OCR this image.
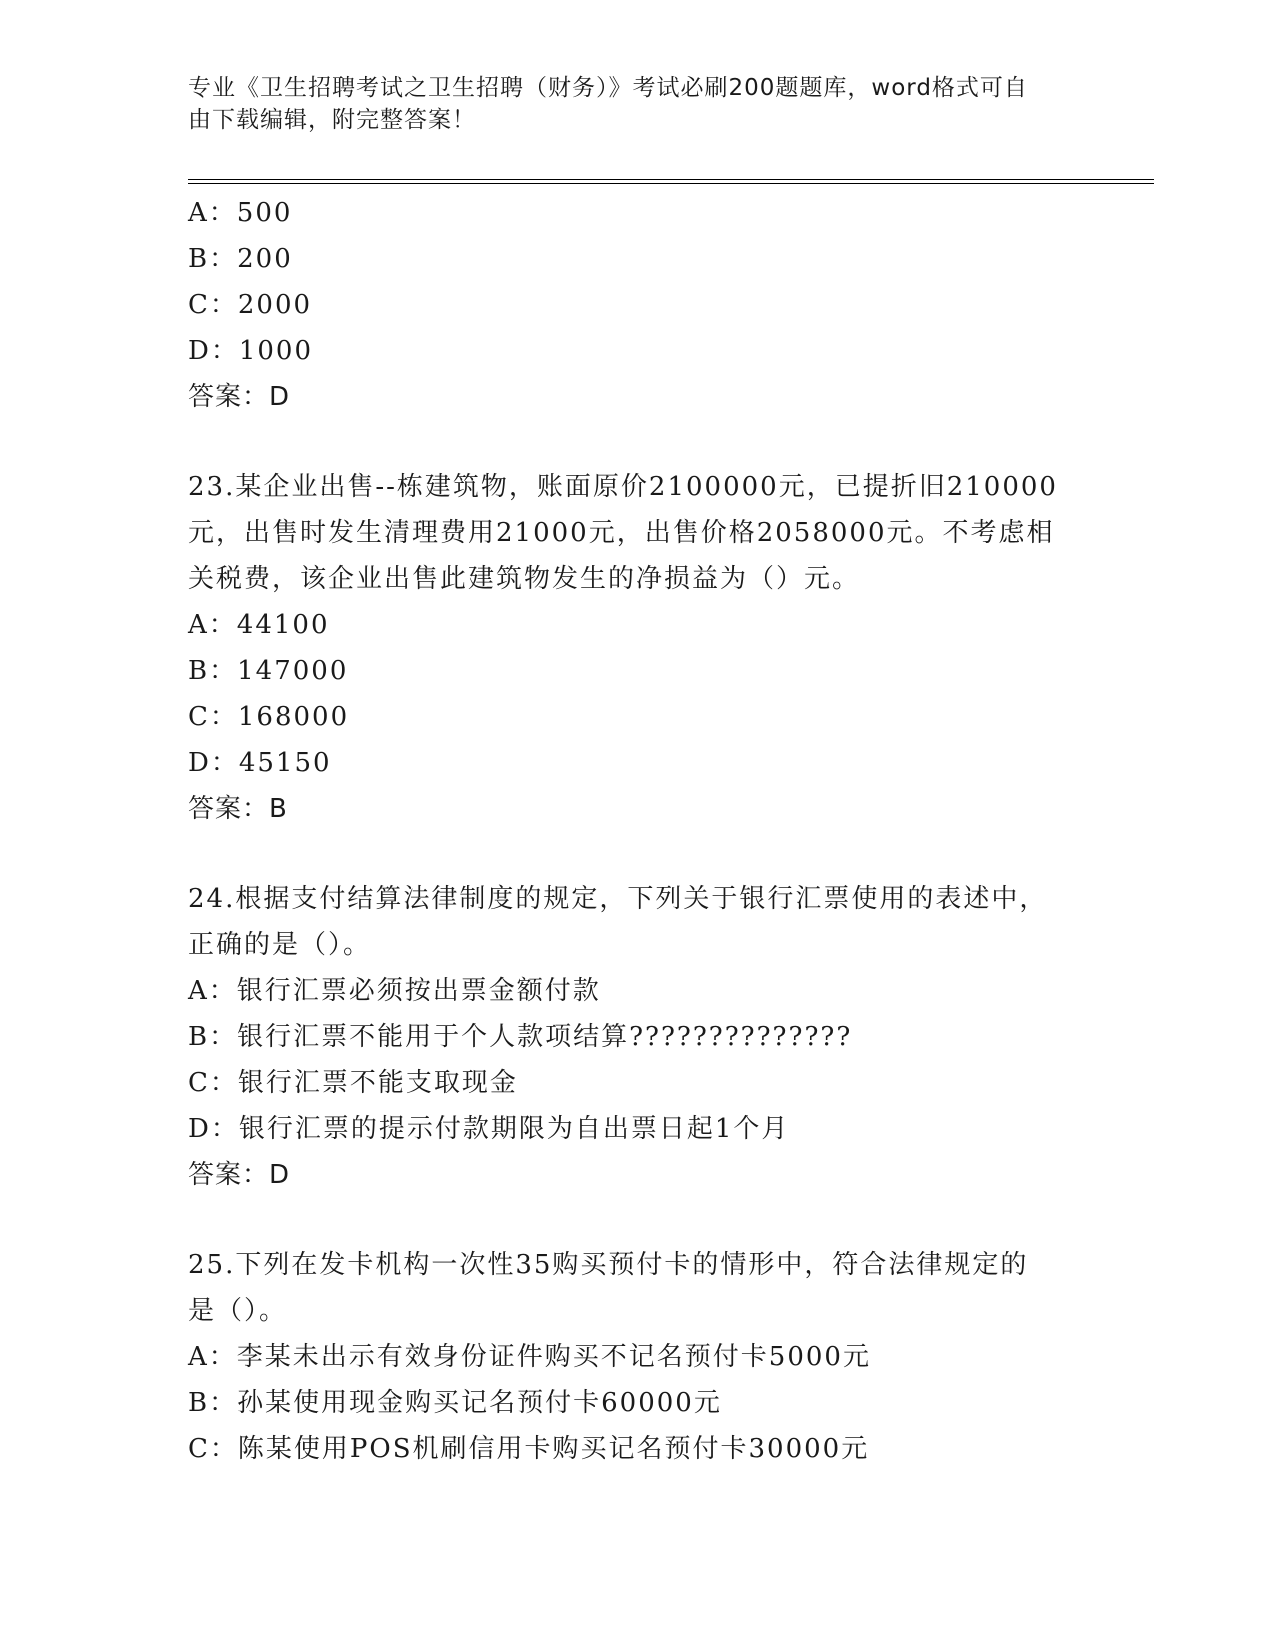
专业《卫生招聘考试之卫生招聘（财务）》考试必刷200题题库，word格式可自
由下载编辑，附完整答案！
A：500
B：200
C：2000
D：1000
答案：D
23.某企业出售--栋建筑物，账面原价2100000元，已提折旧210000
元，出售时发生清理费用21000元，出售价格2058000元。不考虑相
关税费，该企业出售此建筑物发生的净损益为（）元。
A：44100
B：147000
C：168000
D：45150
答案：B
24.根据支付结算法律制度的规定，下列关于银行汇票使用的表述中，
正确的是（）。
A：银行汇票必须按出票金额付款
B：银行汇票不能用于个人款项结算??????????????
C：银行汇票不能支取现金
D：银行汇票的提示付款期限为自出票日起1个月
答案：D
25.下列在发卡机构一次性35购买预付卡的情形中，符合法律规定的
是（）。
A：李某未出示有效身份证件购买不记名预付卡5000元
B：孙某使用现金购买记名预付卡60000元
C：陈某使用POS机刷信用卡购买记名预付卡30000元
